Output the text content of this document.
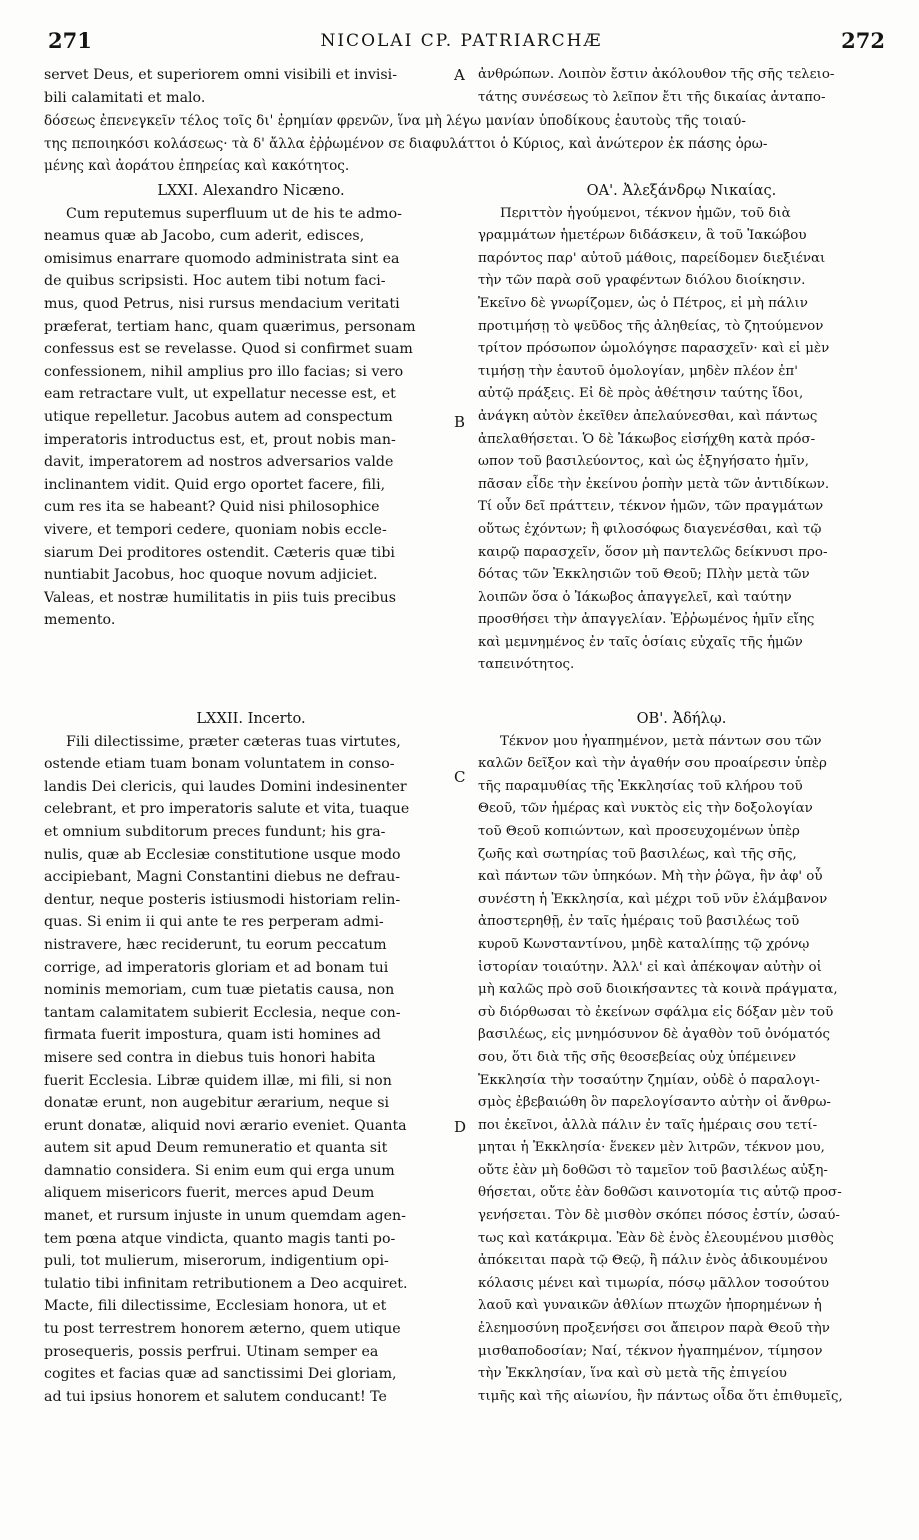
271	NICOLAI CP. PATRIARCHÆ	272
A
B
C
D

servet Deus, et superiorem omni visibili et invisi-

bili calamitati et malo.

ἀνθρώπων. Λοιπὸν ἔστιν ἀκόλουθον τῆς σῆς τελειο-

τάτης συνέσεως τὸ λεῖπον ἔτι τῆς δικαίας ἀνταπο-

δόσεως ἐπενεγκεῖν τέλος τοῖς δι' ἐρημίαν φρενῶν, ἵνα μὴ λέγω μανίαν ὑποδίκους ἑαυτοὺς τῆς τοιαύ-

της πεποιηκόσι κολάσεως· τὰ δ' ἄλλα ἐῤῥωμένον σε διαφυλάττοι ὁ Κύριος, καὶ ἀνώτερον ἐκ πάσης ὀρω-

μένης καὶ ἀοράτου ἐπηρείας καὶ κακότητος.

LXXI. Alexandro Nicæno.

Cum reputemus superfluum ut de his te admo-

neamus quæ ab Jacobo, cum aderit, edisces,

omisimus enarrare quomodo administrata sint ea

de quibus scripsisti. Hoc autem tibi notum faci-

mus, quod Petrus, nisi rursus mendacium veritati

præferat, tertiam hanc, quam quærimus, personam

confessus est se revelasse. Quod si confirmet suam

confessionem, nihil amplius pro illo facias; si vero

eam retractare vult, ut expellatur necesse est, et

utique repelletur. Jacobus autem ad conspectum

imperatoris introductus est, et, prout nobis man-

davit, imperatorem ad nostros adversarios valde

inclinantem vidit. Quid ergo oportet facere, fili,

cum res ita se habeant? Quid nisi philosophice

vivere, et tempori cedere, quoniam nobis eccle-

siarum Dei proditores ostendit. Cæteris quæ tibi

nuntiabit Jacobus, hoc quoque novum adjiciet.

Valeas, et nostræ humilitatis in piis tuis precibus

memento.

ΟΑ'. Ἀλεξάνδρῳ Νικαίας.

Περιττὸν ἡγούμενοι, τέκνον ἡμῶν, τοῦ διὰ

γραμμάτων ἡμετέρων διδάσκειν, ἃ τοῦ Ἰακώβου

παρόντος παρ' αὐτοῦ μάθοις, παρείδομεν διεξιέναι

τὴν τῶν παρὰ σοῦ γραφέντων διόλου διοίκησιν.

Ἐκεῖνο δὲ γνωρίζομεν, ὡς ὁ Πέτρος, εἰ μὴ πάλιν

προτιμήσῃ τὸ ψεῦδος τῆς ἀληθείας, τὸ ζητούμενον

τρίτον πρόσωπον ὡμολόγησε παρασχεῖν· καὶ εἰ μὲν

τιμήσῃ τὴν ἑαυτοῦ ὁμολογίαν, μηδὲν πλέον ἐπ'

αὐτῷ πράξεις. Εἰ δὲ πρὸς ἀθέτησιν ταύτης ἴδοι,

ἀνάγκη αὐτὸν ἐκεῖθεν ἀπελαύνεσθαι, καὶ πάντως

ἀπελαθήσεται. Ὁ δὲ Ἰάκωβος εἰσήχθη κατὰ πρόσ-

ωπον τοῦ βασιλεύοντος, καὶ ὡς ἐξηγήσατο ἡμῖν,

πᾶσαν εἶδε τὴν ἐκείνου ῥοπὴν μετὰ τῶν ἀντιδίκων.

Τί οὖν δεῖ πράττειν, τέκνον ἡμῶν, τῶν πραγμάτων

οὕτως ἐχόντων; ἢ φιλοσόφως διαγενέσθαι, καὶ τῷ

καιρῷ παρασχεῖν, ὅσον μὴ παντελῶς δείκνυσι προ-

δότας τῶν Ἐκκλησιῶν τοῦ Θεοῦ; Πλὴν μετὰ τῶν

λοιπῶν ὅσα ὁ Ἰάκωβος ἀπαγγελεῖ, καὶ ταύτην

προσθήσει τὴν ἀπαγγελίαν. Ἐῤῥωμένος ἡμῖν εἴης

καὶ μεμνημένος ἐν ταῖς ὁσίαις εὐχαῖς τῆς ἡμῶν

ταπεινότητος.

LXXII. Incerto.

Fili dilectissime, præter cæteras tuas virtutes,

ostende etiam tuam bonam voluntatem in conso-

landis Dei clericis, qui laudes Domini indesinenter

celebrant, et pro imperatoris salute et vita, tuaque

et omnium subditorum preces fundunt; his gra-

nulis, quæ ab Ecclesiæ constitutione usque modo

accipiebant, Magni Constantini diebus ne defrau-

dentur, neque posteris istiusmodi historiam relin-

quas. Si enim ii qui ante te res perperam admi-

nistravere, hæc reciderunt, tu eorum peccatum

corrige, ad imperatoris gloriam et ad bonam tui

nominis memoriam, cum tuæ pietatis causa, non

tantam calamitatem subierit Ecclesia, neque con-

firmata fuerit impostura, quam isti homines ad

misere sed contra in diebus tuis honori habita

fuerit Ecclesia. Libræ quidem illæ, mi fili, si non

donatæ erunt, non augebitur ærarium, neque si

erunt donatæ, aliquid novi ærario eveniet. Quanta

autem sit apud Deum remuneratio et quanta sit

damnatio considera. Si enim eum qui erga unum

aliquem misericors fuerit, merces apud Deum

manet, et rursum injuste in unum quemdam agen-

tem pœna atque vindicta, quanto magis tanti po-

puli, tot mulierum, miserorum, indigentium opi-

tulatio tibi infinitam retributionem a Deo acquiret.

Macte, fili dilectissime, Ecclesiam honora, ut et

tu post terrestrem honorem æterno, quem utique

prosequeris, possis perfrui. Utinam semper ea

cogites et facias quæ ad sanctissimi Dei gloriam,

ad tui ipsius honorem et salutem conducant! Te

ΟΒ'. Ἀδήλῳ.

Τέκνον μου ἠγαπημένον, μετὰ πάντων σου τῶν

καλῶν δεῖξον καὶ τὴν ἀγαθήν σου προαίρεσιν ὑπὲρ

τῆς παραμυθίας τῆς Ἐκκλησίας τοῦ κλήρου τοῦ

Θεοῦ, τῶν ἡμέρας καὶ νυκτὸς εἰς τὴν δοξολογίαν

τοῦ Θεοῦ κοπιώντων, καὶ προσευχομένων ὑπὲρ

ζωῆς καὶ σωτηρίας τοῦ βασιλέως, καὶ τῆς σῆς,

καὶ πάντων τῶν ὑπηκόων. Μὴ τὴν ῥῶγα, ἣν ἀφ' οὗ

συνέστη ἡ Ἐκκλησία, καὶ μέχρι τοῦ νῦν ἐλάμβανον

ἀποστερηθῇ, ἐν ταῖς ἡμέραις τοῦ βασιλέως τοῦ

κυροῦ Κωνσταντίνου, μηδὲ καταλίπῃς τῷ χρόνῳ

ἱστορίαν τοιαύτην. Ἀλλ' εἰ καὶ ἀπέκοψαν αὐτὴν οἱ

μὴ καλῶς πρὸ σοῦ διοικήσαντες τὰ κοινὰ πράγματα,

σὺ διόρθωσαι τὸ ἐκείνων σφάλμα εἰς δόξαν μὲν τοῦ

βασιλέως, εἰς μνημόσυνον δὲ ἀγαθὸν τοῦ ὀνόματός

σου, ὅτι διὰ τῆς σῆς θεοσεβείας οὐχ ὑπέμεινεν

Ἐκκλησία τὴν τοσαύτην ζημίαν, οὐδὲ ὁ παραλογι-

σμὸς ἐβεβαιώθη ὃν παρελογίσαντο αὐτὴν οἱ ἄνθρω-

ποι ἐκεῖνοι, ἀλλὰ πάλιν ἐν ταῖς ἡμέραις σου τετί-

μηται ἡ Ἐκκλησία· ἕνεκεν μὲν λιτρῶν, τέκνον μου,

οὔτε ἐὰν μὴ δοθῶσι τὸ ταμεῖον τοῦ βασιλέως αὐξη-

θήσεται, οὔτε ἐὰν δοθῶσι καινοτομία τις αὐτῷ προσ-

γενήσεται. Τὸν δὲ μισθὸν σκόπει πόσος ἐστίν, ὡσαύ-

τως καὶ κατάκριμα. Ἐὰν δὲ ἑνὸς ἐλεουμένου μισθὸς

ἀπόκειται παρὰ τῷ Θεῷ, ἢ πάλιν ἑνὸς ἀδικουμένου

κόλασις μένει καὶ τιμωρία, πόσῳ μᾶλλον τοσούτου

λαοῦ καὶ γυναικῶν ἀθλίων πτωχῶν ἠπορημένων ἡ

ἐλεημοσύνη προξενήσει σοι ἄπειρον παρὰ Θεοῦ τὴν

μισθαποδοσίαν; Ναί, τέκνον ἠγαπημένον, τίμησον

τὴν Ἐκκλησίαν, ἵνα καὶ σὺ μετὰ τῆς ἐπιγείου

τιμῆς καὶ τῆς αἰωνίου, ἣν πάντως οἶδα ὅτι ἐπιθυμεῖς,
